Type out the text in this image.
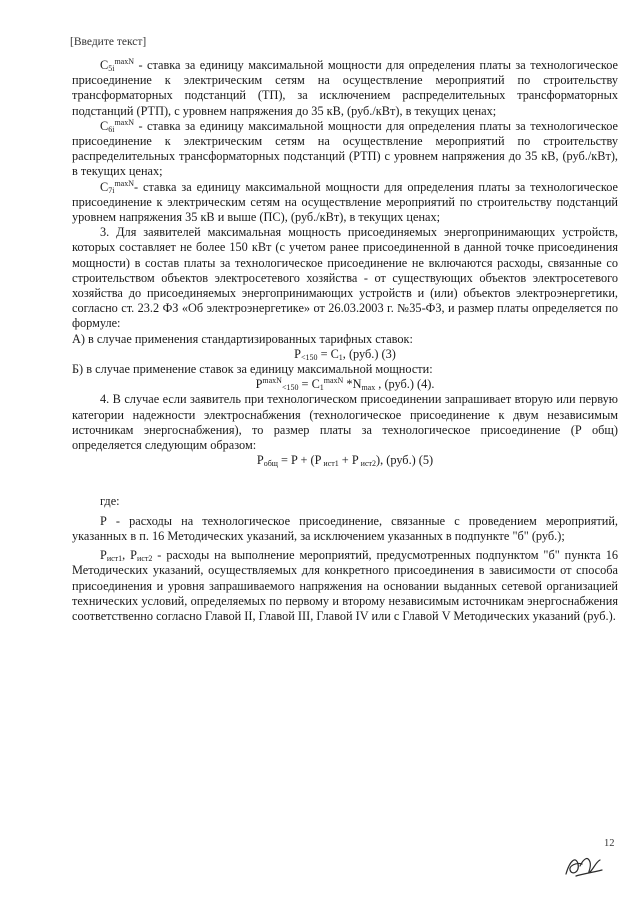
[Введите текст]

$C_{5i}^{maxN}$ - ставка за единицу максимальной мощности для определения платы за технологическое присоединение к электрическим сетям на осуществление мероприятий по строительству трансформаторных подстанций (ТП), за исключением распределительных трансформаторных подстанций (РТП), с уровнем напряжения до 35 кВ, (руб./кВт), в текущих ценах;

$C_{6i}^{maxN}$ - ставка за единицу максимальной мощности для определения платы за технологическое присоединение к электрическим сетям на осуществление мероприятий по строительству распределительных трансформаторных подстанций (РТП) с уровнем напряжения до 35 кВ, (руб./кВт), в текущих ценах;

$C_{7i}^{maxN}-$ ставка за единицу максимальной мощности для определения платы за технологическое присоединение к электрическим сетям на осуществление мероприятий по строительству подстанций уровнем напряжения 35 кВ и выше (ПС), (руб./кВт), в текущих ценах;

3. Для заявителей максимальная мощность присоединяемых энергопринимающих устройств, которых составляет не более 150 кВт (с учетом ранее присоединенной в данной точке присоединения мощности) в состав платы за технологическое присоединение не включаются расходы, связанные со строительством объектов электросетевого хозяйства - от существующих объектов электросетевого хозяйства до присоединяемых энергопринимающих устройств и (или) объектов электроэнергетики, согласно ст. 23.2 ФЗ «Об электроэнергетике» от 26.03.2003 г. №35-ФЗ, и размер платы определяется по формуле:

А) в случае применения стандартизированных тарифных ставок:

$P_{<150} = C_1$, (руб.) (3)

Б) в случае применение ставок за единицу максимальной мощности:

$P^{maxN}_{<150} = C_1^{maxN}$ $*N_{max}$ , (руб.) (4).

4. В случае если заявитель при технологическом присоединении запрашивает вторую или первую категории надежности электроснабжения (технологическое присоединение к двум независимым источникам энергоснабжения), то размер платы за технологическое присоединение (Р общ) определяется следующим образом:

$Р_{общ} = P + (P$ $_{ист1}$ + P $_{ист2}$), (руб.) (5)

где:

Р - расходы на технологическое присоединение, связанные с проведением мероприятий, указанных в п. 16 Методических указаний, за исключением указанных в подпункте "б" (руб.);

$Р_{ист1}$, $Р_{ист2}$ - расходы на выполнение мероприятий, предусмотренных подпунктом "б" пункта 16 Методических указаний, осуществляемых для конкретного присоединения в зависимости от способа присоединения и уровня запрашиваемого напряжения на основании выданных сетевой организацией технических условий, определяемых по первому и второму независимым источникам энергоснабжения соответственно согласно Главой II, Главой III, Главой IV или с Главой V Методических указаний (руб.).

12
